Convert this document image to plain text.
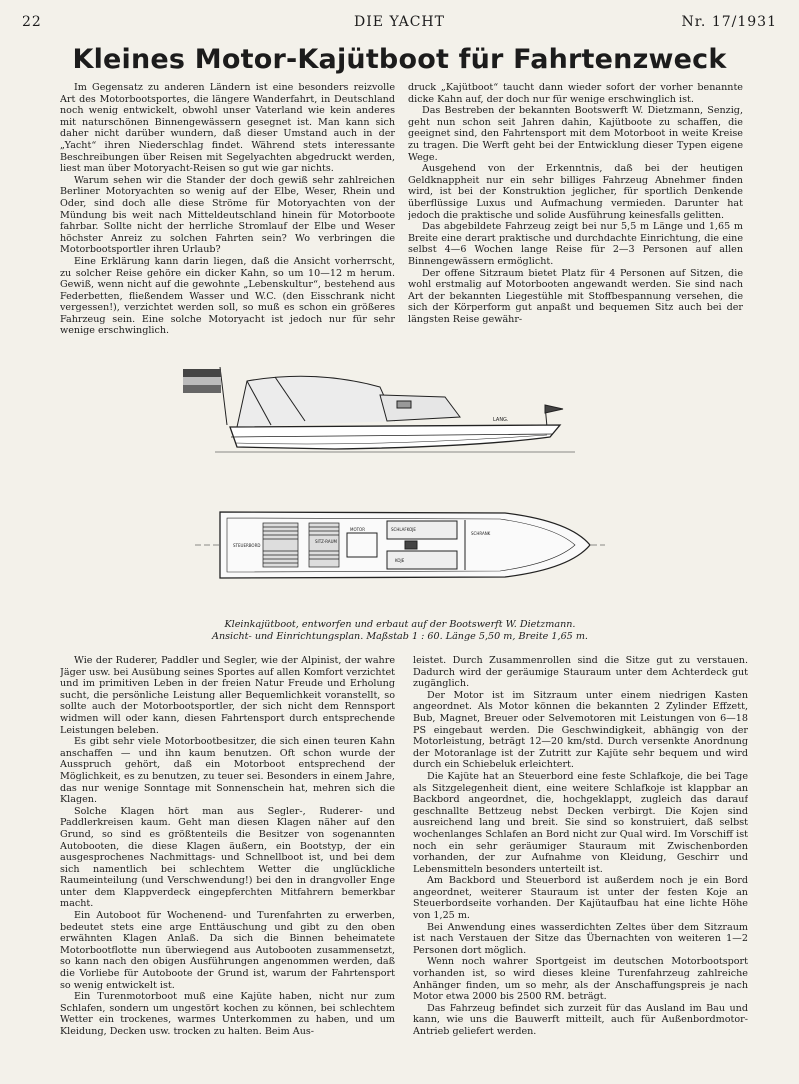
22	DIE YACHT	Nr. 17/1931
Kleines Motor-Kajütboot für Fahrtenzweck

Im Gegensatz zu anderen Ländern ist eine besonders reizvolle Art des Motorbootsportes, die längere Wanderfahrt, in Deutschland noch wenig entwickelt, obwohl unser Vaterland wie kein anderes mit naturschönen Binnengewässern gesegnet ist. Man kann sich daher nicht darüber wundern, daß dieser Umstand auch in der „Yacht“ ihren Niederschlag findet. Während stets interessante Beschreibungen über Reisen mit Segelyachten abgedruckt werden, liest man über Motoryacht-Reisen so gut wie gar nichts.

Warum sehen wir die Stander der doch gewiß sehr zahlreichen Berliner Motoryachten so wenig auf der Elbe, Weser, Rhein und Oder, sind doch alle diese Ströme für Motoryachten von der Mündung bis weit nach Mitteldeutschland hinein für Motorboote fahrbar. Sollte nicht der herrliche Stromlauf der Elbe und Weser höchster Anreiz zu solchen Fahrten sein? Wo verbringen die Motorbootsportler ihren Urlaub?

Eine Erklärung kann darin liegen, daß die Ansicht vorherrscht, zu solcher Reise gehöre ein dicker Kahn, so um 10—12 m herum. Gewiß, wenn nicht auf die gewohnte „Lebenskultur“, bestehend aus Federbetten, fließendem Wasser und W.C. (den Eisschrank nicht vergessen!), verzichtet werden soll, so muß es schon ein größeres Fahrzeug sein. Eine solche Motoryacht ist jedoch nur für sehr wenige erschwinglich.

druck „Kajütboot“ taucht dann wieder sofort der vorher benannte dicke Kahn auf, der doch nur für wenige erschwinglich ist.

Das Bestreben der bekannten Bootswerft W. Dietzmann, Senzig, geht nun schon seit Jahren dahin, Kajütboote zu schaffen, die geeignet sind, den Fahrtensport mit dem Motorboot in weite Kreise zu tragen. Die Werft geht bei der Entwicklung dieser Typen eigene Wege.

Ausgehend von der Erkenntnis, daß bei der heutigen Geldknappheit nur ein sehr billiges Fahrzeug Abnehmer finden wird, ist bei der Konstruktion jeglicher, für sportlich Denkende überflüssige Luxus und Aufmachung vermieden. Darunter hat jedoch die praktische und solide Ausführung keinesfalls gelitten.

Das abgebildete Fahrzeug zeigt bei nur 5,5 m Länge und 1,65 m Breite eine derart praktische und durchdachte Einrichtung, die eine selbst 4—6 Wochen lange Reise für 2—3 Personen auf allen Binnengewässern ermöglicht.

Der offene Sitzraum bietet Platz für 4 Personen auf Sitzen, die wohl erstmalig auf Motorbooten angewandt werden. Sie sind nach Art der bekannten Liegestühle mit Stoffbespannung versehen, die sich der Körperform gut anpaßt und bequemen Sitz auch bei der längsten Reise gewähr-

LANG.
SITZ-RAUM
MOTOR	SCHLAFKOJE
KOJE
SCHRANK
STEUERBORD
Kleinkajütboot, entworfen und erbaut auf der Bootswerft W. Dietzmann.
Ansicht- und Einrichtungsplan. Maßstab 1 : 60. Länge 5,50 m, Breite 1,65 m.

Wie der Ruderer, Paddler und Segler, wie der Alpinist, der wahre Jäger usw. bei Ausübung seines Sportes auf allen Komfort verzichtet und im primitiven Leben in der freien Natur Freude und Erholung sucht, die persönliche Leistung aller Bequemlichkeit voranstellt, so sollte auch der Motorbootsportler, der sich nicht dem Rennsport widmen will oder kann, diesen Fahrtensport durch entsprechende Leistungen beleben.

Es gibt sehr viele Motorbootbesitzer, die sich einen teuren Kahn anschaffen — und ihn kaum benutzen. Oft schon wurde der Ausspruch gehört, daß ein Motorboot entsprechend der Möglichkeit, es zu benutzen, zu teuer sei. Besonders in einem Jahre, das nur wenige Sonntage mit Sonnenschein hat, mehren sich die Klagen.

Solche Klagen hört man aus Segler-, Ruderer- und Paddlerkreisen kaum. Geht man diesen Klagen näher auf den Grund, so sind es größtenteils die Besitzer von sogenannten Autobooten, die diese Klagen äußern, ein Bootstyp, der ein ausgesprochenes Nachmittags- und Schnellboot ist, und bei dem sich namentlich bei schlechtem Wetter die unglückliche Raumeinteilung (und Verschwendung!) bei den in drangvoller Enge unter dem Klappverdeck eingepferchten Mitfahrern bemerkbar macht.

Ein Autoboot für Wochenend- und Turenfahrten zu erwerben, bedeutet stets eine arge Enttäuschung und gibt zu den oben erwähnten Klagen Anlaß. Da sich die Binnen beheimatete Motorbootflotte nun überwiegend aus Autobooten zusammensetzt, so kann nach den obigen Ausführungen angenommen werden, daß die Vorliebe für Autoboote der Grund ist, warum der Fahrtensport so wenig entwickelt ist.

Ein Turenmotorboot muß eine Kajüte haben, nicht nur zum Schlafen, sondern um ungestört kochen zu können, bei schlechtem Wetter ein trockenes, warmes Unterkommen zu haben, und um Kleidung, Decken usw. trocken zu halten. Beim Aus-

leistet. Durch Zusammenrollen sind die Sitze gut zu verstauen. Dadurch wird der geräumige Stauraum unter dem Achterdeck gut zugänglich.

Der Motor ist im Sitzraum unter einem niedrigen Kasten angeordnet. Als Motor können die bekannten 2 Zylinder Effzett, Bub, Magnet, Breuer oder Selvemotoren mit Leistungen von 6—18 PS eingebaut werden. Die Geschwindigkeit, abhängig von der Motorleistung, beträgt 12—20 km/std. Durch versenkte Anordnung der Motoranlage ist der Zutritt zur Kajüte sehr bequem und wird durch ein Schiebeluk erleichtert.

Die Kajüte hat an Steuerbord eine feste Schlafkoje, die bei Tage als Sitzgelegenheit dient, eine weitere Schlafkoje ist klappbar an Backbord angeordnet, die, hochgeklappt, zugleich das darauf geschnallte Bettzeug nebst Decken verbirgt. Die Kojen sind ausreichend lang und breit. Sie sind so konstruiert, daß selbst wochenlanges Schlafen an Bord nicht zur Qual wird. Im Vorschiff ist noch ein sehr geräumiger Stauraum mit Zwischenborden vorhanden, der zur Aufnahme von Kleidung, Geschirr und Lebensmitteln besonders unterteilt ist.

Am Backbord und Steuerbord ist außerdem noch je ein Bord angeordnet, weiterer Stauraum ist unter der festen Koje an Steuerbordseite vorhanden. Der Kajütaufbau hat eine lichte Höhe von 1,25 m.

Bei Anwendung eines wasserdichten Zeltes über dem Sitzraum ist nach Verstauen der Sitze das Übernachten von weiteren 1—2 Personen dort möglich.

Wenn noch wahrer Sportgeist im deutschen Motorbootsport vorhanden ist, so wird dieses kleine Turenfahrzeug zahlreiche Anhänger finden, um so mehr, als der Anschaffungspreis je nach Motor etwa 2000 bis 2500 RM. beträgt.

Das Fahrzeug befindet sich zurzeit für das Ausland im Bau und kann, wie uns die Bauwerft mitteilt, auch für Außenbordmotor-Antrieb geliefert werden.
